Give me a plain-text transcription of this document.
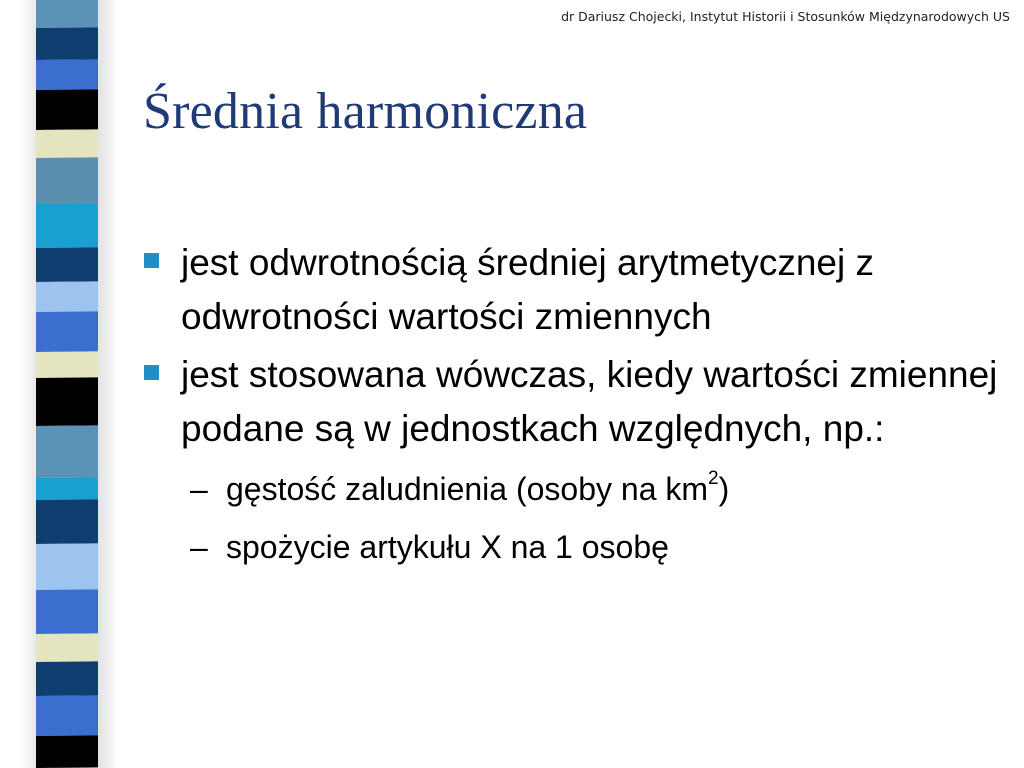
dr Dariusz Chojecki, Instytut Historii i Stosunków Międzynarodowych US
Średnia harmoniczna

jest odwrotnością średniej arytmetycznej z odwrotności wartości zmiennych

jest stosowana wówczas, kiedy wartości zmiennej podane są w jednostkach względnych, np.:

– gęstość zaludnienia (osoby na $km^2$)

– spożycie artykułu X na 1 osobę
